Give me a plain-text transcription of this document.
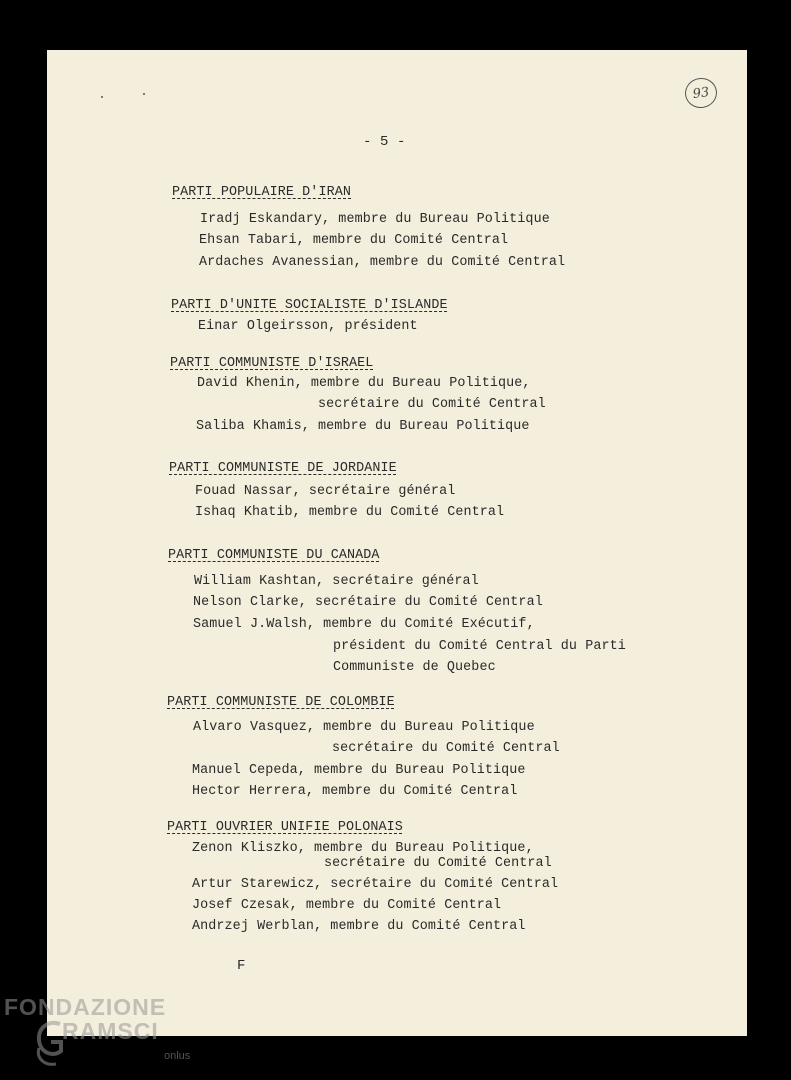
93
- 5 -
PARTI POPULAIRE D'IRAN
Iradj Eskandary, membre du Bureau Politique
Ehsan Tabari, membre du Comité Central
Ardaches Avanessian, membre du Comité Central
PARTI D'UNITE SOCIALISTE D'ISLANDE
Einar Olgeirsson, président
PARTI COMMUNISTE D'ISRAEL
David Khenin, membre du Bureau Politique,
secrétaire du Comité Central
Saliba Khamis, membre du Bureau Politique
PARTI COMMUNISTE DE JORDANIE
Fouad Nassar, secrétaire général
Ishaq Khatib, membre du Comité Central
PARTI COMMUNISTE DU CANADA
William Kashtan, secrétaire général
Nelson Clarke, secrétaire du Comité Central
Samuel J.Walsh, membre du Comité Exécutif,
président du Comité Central du Parti
Communiste de Quebec
PARTI COMMUNISTE DE COLOMBIE
Alvaro Vasquez, membre du Bureau Politique
secrétaire du Comité Central
Manuel Cepeda, membre du Bureau Politique
Hector Herrera, membre du Comité Central
PARTI OUVRIER UNIFIE POLONAIS
Zenon Kliszko, membre du Bureau Politique,
secrétaire du Comité Central
Artur Starewicz, secrétaire du Comité Central
Josef Czesak, membre du Comité Central
Andrzej Werblan, membre du Comité Central
F
FONDAZIONE
RAMSCI
onlus
